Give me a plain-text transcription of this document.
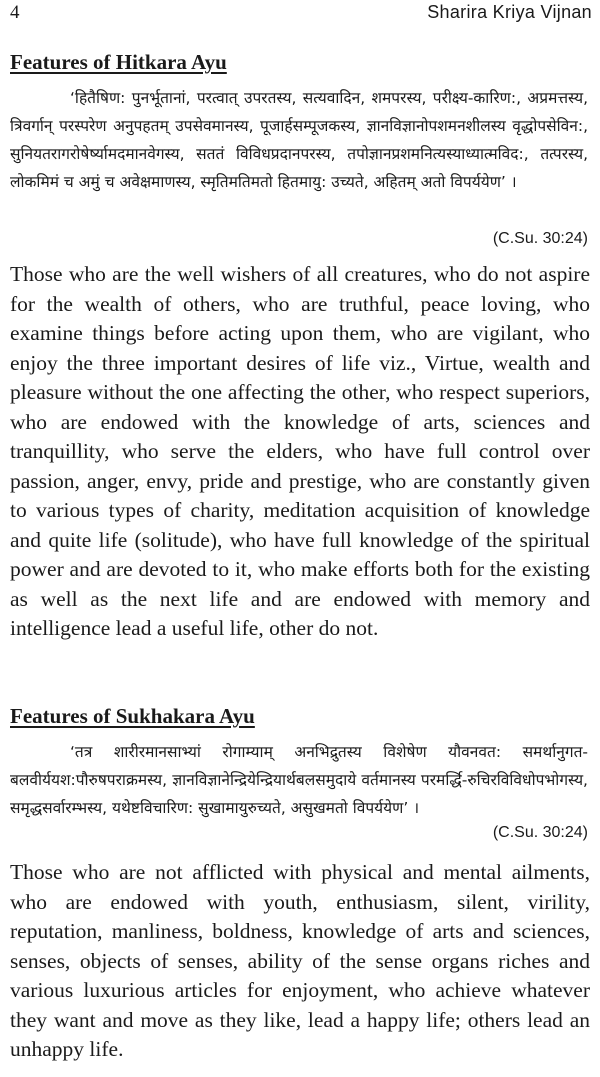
4	Sharira Kriya Vijnan
Features of Hitkara Ayu

‘हितैषिण: पुनर्भूतानां, परत्वात् उपरतस्य, सत्यवादिन, शमपरस्य, परीक्ष्य-कारिण:, अप्रमत्तस्य, त्रिवर्गान् परस्परेण अनुपहतम् उपसेवमानस्य, पूजार्हसम्पूजकस्य, ज्ञानविज्ञानोपशमनशीलस्य वृद्धोपसेविन:, सुनियतरागरोषेर्ष्यामदमानवेगस्य, सततं विविधप्रदानपरस्य, तपोज्ञानप्रशमनित्यस्याध्यात्मविद:, तत्परस्य, लोकमिमं च अमुं च अवेक्षमाणस्य, स्मृतिमतिमतो हितमायु: उच्यते, अहितम् अतो विपर्ययेण’ ।

(C.Su. 30:24)

Those who are the well wishers of all creatures, who do not aspire for the wealth of others, who are truthful, peace loving, who examine things before acting upon them, who are vigilant, who enjoy the three important desires of life viz., Virtue, wealth and pleasure without the one affecting the other, who respect superiors, who are endowed with the knowledge of arts, sciences and tranquillity, who serve the elders, who have full control over passion, anger, envy, pride and prestige, who are constantly given to various types of charity, meditation acquisition of knowledge and quite life (solitude), who have full knowledge of the spiritual power and are devoted to it, who make efforts both for the existing as well as the next life and are endowed with memory and intelligence lead a useful life, other do not.

Features of Sukhakara Ayu

‘तत्र शारीरमानसाभ्यां रोगाम्याम् अनभिद्रुतस्य विशेषेण यौवनवत: समर्थानुगत-बलवीर्ययश:पौरुषपराक्रमस्य, ज्ञानविज्ञानेन्द्रियेन्द्रियार्थबलसमुदाये वर्तमानस्य परमर्द्धि-रुचिरविविधोपभोगस्य, समृद्धसर्वारम्भस्य, यथेष्टविचारिण: सुखामायुरुच्यते, असुखमतो विपर्ययेण’ ।

(C.Su. 30:24)

Those who are not afflicted with physical and mental ailments, who are endowed with youth, enthusiasm, silent, virility, reputation, manliness, boldness, knowledge of arts and sciences, senses, objects of senses, ability of the sense organs riches and various luxurious articles for enjoyment, who achieve whatever they want and move as they like, lead a happy life; others lead an unhappy life.
